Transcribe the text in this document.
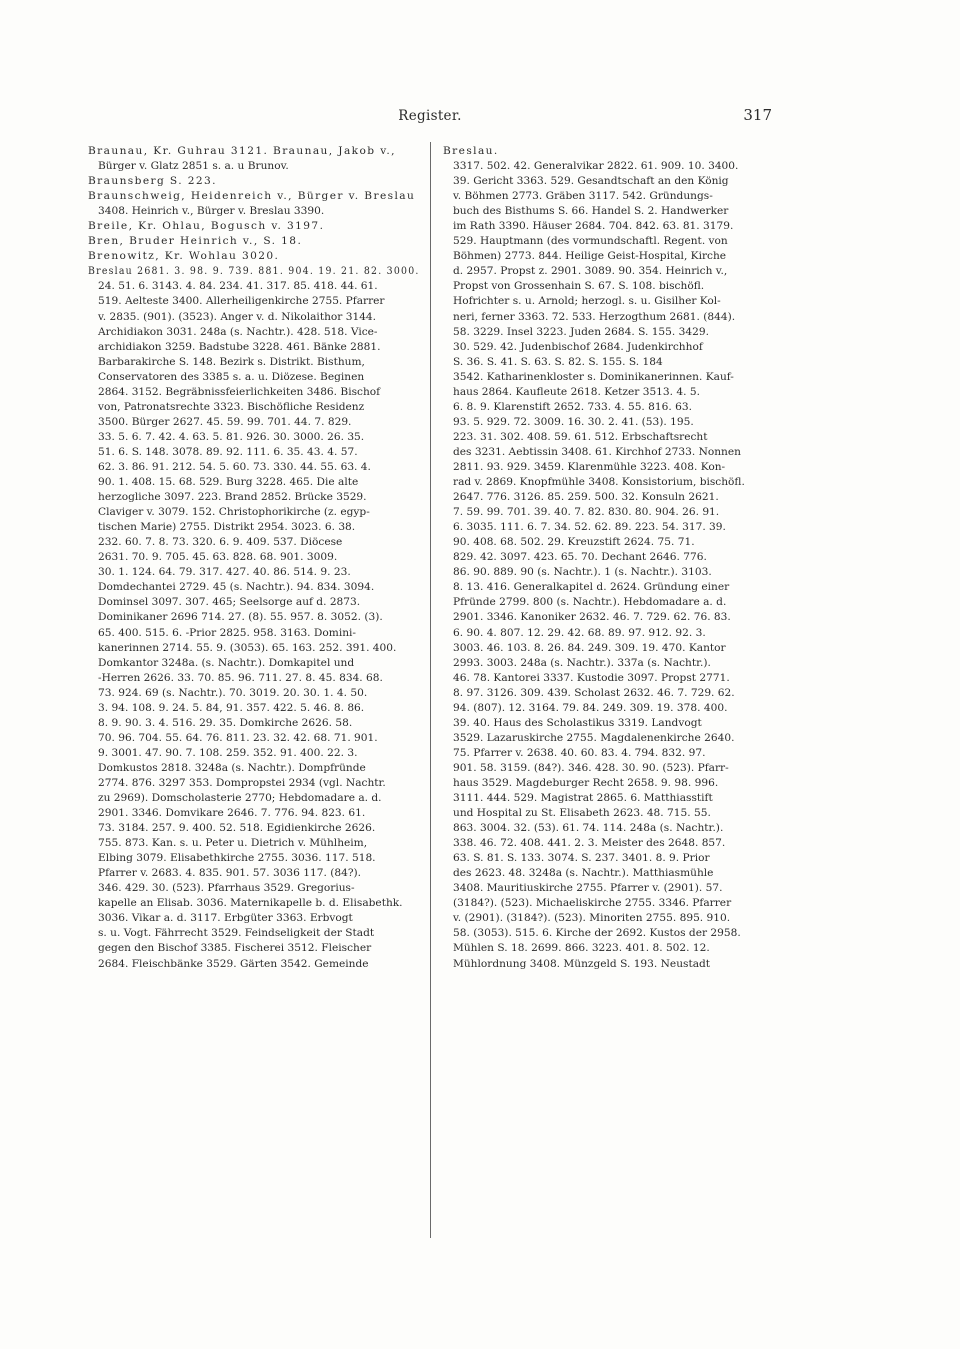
Register.	317
Braunau, Kr. Guhrau 3121. Braunau, Jakob v.,
Bürger v. Glatz 2851 s. a. u Brunov.
Braunsberg S. 223.
Braunschweig, Heidenreich v., Bürger v. Breslau
3408. Heinrich v., Bürger v. Breslau 3390.
Breile, Kr. Ohlau, Bogusch v. 3197.
Bren, Bruder Heinrich v., S. 18.
Brenowitz, Kr. Wohlau 3020.
Breslau 2681. 3. 98. 9. 739. 881. 904. 19. 21. 82. 3000.
24. 51. 6. 3143. 4. 84. 234. 41. 317. 85. 418. 44. 61.
519. Aelteste 3400. Allerheiligenkirche 2755. Pfarrer
v. 2835. (901). (3523). Anger v. d. Nikolaithor 3144.
Archidiakon 3031. 248a (s. Nachtr.). 428. 518. Vice-
archidiakon 3259. Badstube 3228. 461. Bänke 2881.
Barbarakirche S. 148. Bezirk s. Distrikt. Bisthum,
Conservatoren des 3385 s. a. u. Diözese. Beginen
2864. 3152. Begräbnissfeierlichkeiten 3486. Bischof
von, Patronatsrechte 3323. Bischöfliche Residenz
3500. Bürger 2627. 45. 59. 99. 701. 44. 7. 829.
33. 5. 6. 7. 42. 4. 63. 5. 81. 926. 30. 3000. 26. 35.
51. 6. S. 148. 3078. 89. 92. 111. 6. 35. 43. 4. 57.
62. 3. 86. 91. 212. 54. 5. 60. 73. 330. 44. 55. 63. 4.
90. 1. 408. 15. 68. 529. Burg 3228. 465. Die alte
herzogliche 3097. 223. Brand 2852. Brücke 3529.
Claviger v. 3079. 152. Christophorikirche (z. egyp-
tischen Marie) 2755. Distrikt 2954. 3023. 6. 38.
232. 60. 7. 8. 73. 320. 6. 9. 409. 537. Diöcese
2631. 70. 9. 705. 45. 63. 828. 68. 901. 3009.
30. 1. 124. 64. 79. 317. 427. 40. 86. 514. 9. 23.
Domdechantei 2729. 45 (s. Nachtr.). 94. 834. 3094.
Dominsel 3097. 307. 465; Seelsorge auf d. 2873.
Dominikaner 2696 714. 27. (8). 55. 957. 8. 3052. (3).
65. 400. 515. 6. -Prior 2825. 958. 3163. Domini-
kanerinnen 2714. 55. 9. (3053). 65. 163. 252. 391. 400.
Domkantor 3248a. (s. Nachtr.). Domkapitel und
-Herren 2626. 33. 70. 85. 96. 711. 27. 8. 45. 834. 68.
73. 924. 69 (s. Nachtr.). 70. 3019. 20. 30. 1. 4. 50.
3. 94. 108. 9. 24. 5. 84, 91. 357. 422. 5. 46. 8. 86.
8. 9. 90. 3. 4. 516. 29. 35. Domkirche 2626. 58.
70. 96. 704. 55. 64. 76. 811. 23. 32. 42. 68. 71. 901.
9. 3001. 47. 90. 7. 108. 259. 352. 91. 400. 22. 3.
Domkustos 2818. 3248a (s. Nachtr.). Dompfründe
2774. 876. 3297 353. Dompropstei 2934 (vgl. Nachtr.
zu 2969). Domscholasterie 2770; Hebdomadare a. d.
2901. 3346. Domvikare 2646. 7. 776. 94. 823. 61.
73. 3184. 257. 9. 400. 52. 518. Egidienkirche 2626.
755. 873. Kan. s. u. Peter u. Dietrich v. Mühlheim,
Elbing 3079. Elisabethkirche 2755. 3036. 117. 518.
Pfarrer v. 2683. 4. 835. 901. 57. 3036 117. (84?).
346. 429. 30. (523). Pfarrhaus 3529. Gregorius-
kapelle an Elisab. 3036. Maternikapelle b. d. Elisabethk.
3036. Vikar a. d. 3117. Erbgüter 3363. Erbvogt
s. u. Vogt. Fährrecht 3529. Feindseligkeit der Stadt
gegen den Bischof 3385. Fischerei 3512. Fleischer
2684. Fleischbänke 3529. Gärten 3542. Gemeinde
Breslau.
3317. 502. 42. Generalvikar 2822. 61. 909. 10. 3400.
39. Gericht 3363. 529. Gesandtschaft an den König
v. Böhmen 2773. Gräben 3117. 542. Gründungs-
buch des Bisthums S. 66. Handel S. 2. Handwerker
im Rath 3390. Häuser 2684. 704. 842. 63. 81. 3179.
529. Hauptmann (des vormundschaftl. Regent. von
Böhmen) 2773. 844. Heilige Geist-Hospital, Kirche
d. 2957. Propst z. 2901. 3089. 90. 354. Heinrich v.,
Propst von Grossenhain S. 67. S. 108. bischöfl.
Hofrichter s. u. Arnold; herzogl. s. u. Gisilher Kol-
neri, ferner 3363. 72. 533. Herzogthum 2681. (844).
58. 3229. Insel 3223. Juden 2684. S. 155. 3429.
30. 529. 42. Judenbischof 2684. Judenkirchhof
S. 36. S. 41. S. 63. S. 82. S. 155. S. 184
3542. Katharinenkloster s. Dominikanerinnen. Kauf-
haus 2864. Kaufleute 2618. Ketzer 3513. 4. 5.
6. 8. 9. Klarenstift 2652. 733. 4. 55. 816. 63.
93. 5. 929. 72. 3009. 16. 30. 2. 41. (53). 195.
223. 31. 302. 408. 59. 61. 512. Erbschaftsrecht
des 3231. Aebtissin 3408. 61. Kirchhof 2733. Nonnen
2811. 93. 929. 3459. Klarenmühle 3223. 408. Kon-
rad v. 2869. Knopfmühle 3408. Konsistorium, bischöfl.
2647. 776. 3126. 85. 259. 500. 32. Konsuln 2621.
7. 59. 99. 701. 39. 40. 7. 82. 830. 80. 904. 26. 91.
6. 3035. 111. 6. 7. 34. 52. 62. 89. 223. 54. 317. 39.
90. 408. 68. 502. 29. Kreuzstift 2624. 75. 71.
829. 42. 3097. 423. 65. 70. Dechant 2646. 776.
86. 90. 889. 90 (s. Nachtr.). 1 (s. Nachtr.). 3103.
8. 13. 416. Generalkapitel d. 2624. Gründung einer
Pfründe 2799. 800 (s. Nachtr.). Hebdomadare a. d.
2901. 3346. Kanoniker 2632. 46. 7. 729. 62. 76. 83.
6. 90. 4. 807. 12. 29. 42. 68. 89. 97. 912. 92. 3.
3003. 46. 103. 8. 26. 84. 249. 309. 19. 470. Kantor
2993. 3003. 248a (s. Nachtr.). 337a (s. Nachtr.).
46. 78. Kantorei 3337. Kustodie 3097. Propst 2771.
8. 97. 3126. 309. 439. Scholast 2632. 46. 7. 729. 62.
94. (807). 12. 3164. 79. 84. 249. 309. 19. 378. 400.
39. 40. Haus des Scholastikus 3319. Landvogt
3529. Lazaruskirche 2755. Magdalenenkirche 2640.
75. Pfarrer v. 2638. 40. 60. 83. 4. 794. 832. 97.
901. 58. 3159. (84?). 346. 428. 30. 90. (523). Pfarr-
haus 3529. Magdeburger Recht 2658. 9. 98. 996.
3111. 444. 529. Magistrat 2865. 6. Matthiasstift
und Hospital zu St. Elisabeth 2623. 48. 715. 55.
863. 3004. 32. (53). 61. 74. 114. 248a (s. Nachtr.).
338. 46. 72. 408. 441. 2. 3. Meister des 2648. 857.
63. S. 81. S. 133. 3074. S. 237. 3401. 8. 9. Prior
des 2623. 48. 3248a (s. Nachtr.). Matthiasmühle
3408. Mauritiuskirche 2755. Pfarrer v. (2901). 57.
(3184?). (523). Michaeliskirche 2755. 3346. Pfarrer
v. (2901). (3184?). (523). Minoriten 2755. 895. 910.
58. (3053). 515. 6. Kirche der 2692. Kustos der 2958.
Mühlen S. 18. 2699. 866. 3223. 401. 8. 502. 12.
Mühlordnung 3408. Münzgeld S. 193. Neustadt
